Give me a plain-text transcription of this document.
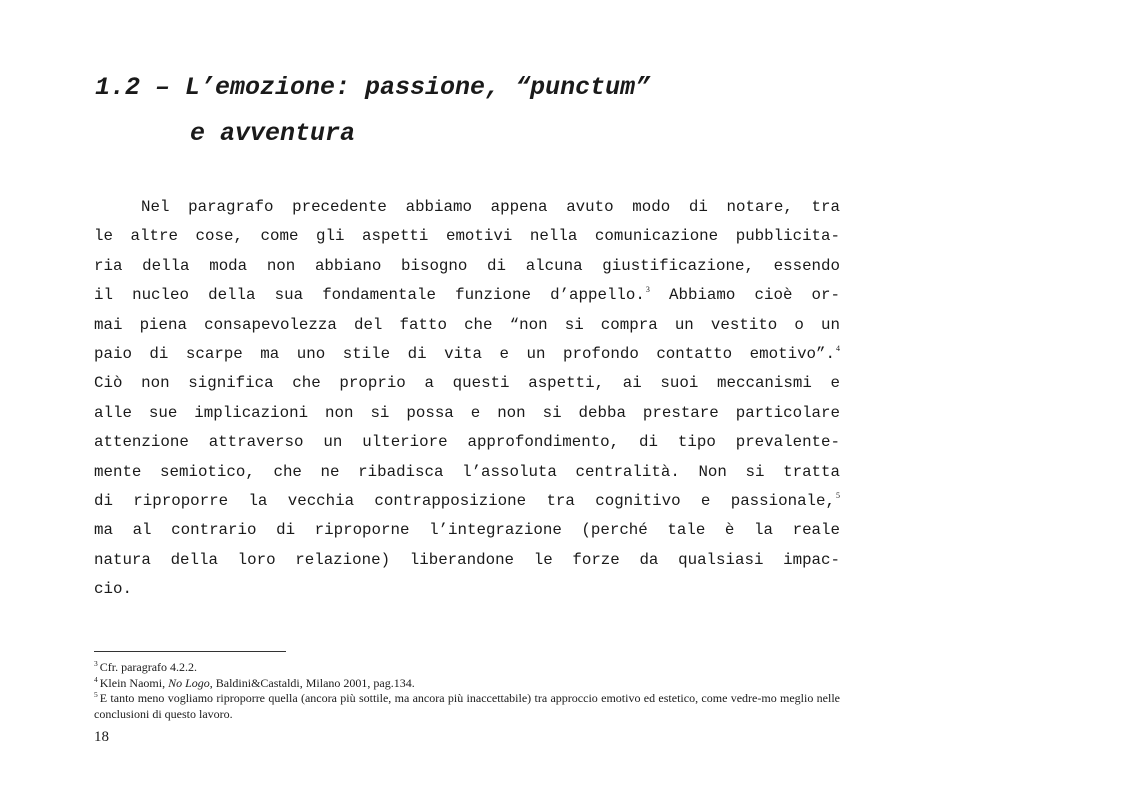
1.2 – L’emozione: passione, “punctum”
e avventura
Nel paragrafo precedente abbiamo appena avuto modo di notare, tra
le altre cose, come gli aspetti emotivi nella comunicazione pubblicita-
ria della moda non abbiano bisogno di alcuna giustificazione, essendo
il nucleo della sua fondamentale funzione d’appello.$^3$ Abbiamo cioè or-
mai piena consapevolezza del fatto che “non si compra un vestito o un
paio di scarpe ma uno stile di vita e un profondo contatto emotivo”.$^4$
Ciò non significa che proprio a questi aspetti, ai suoi meccanismi e
alle sue implicazioni non si possa e non si debba prestare particolare
attenzione attraverso un ulteriore approfondimento, di tipo prevalente-
mente semiotico, che ne ribadisca l’assoluta centralità. Non si tratta
di riproporre la vecchia contrapposizione tra cognitivo e passionale,$^5$
ma al contrario di riproporne l’integrazione (perché tale è la reale
natura della loro relazione) liberandone le forze da qualsiasi impac-
cio.

$^3$ Cfr. paragrafo 4.2.2.

$^4$ Klein Naomi, No Logo, Baldini&Castaldi, Milano 2001, pag.134.

$^5$ E tanto meno vogliamo riproporre quella (ancora più sottile, ma ancora più inaccettabile) tra approccio emotivo ed estetico, come vedre-mo meglio nelle conclusioni di questo lavoro.

18
